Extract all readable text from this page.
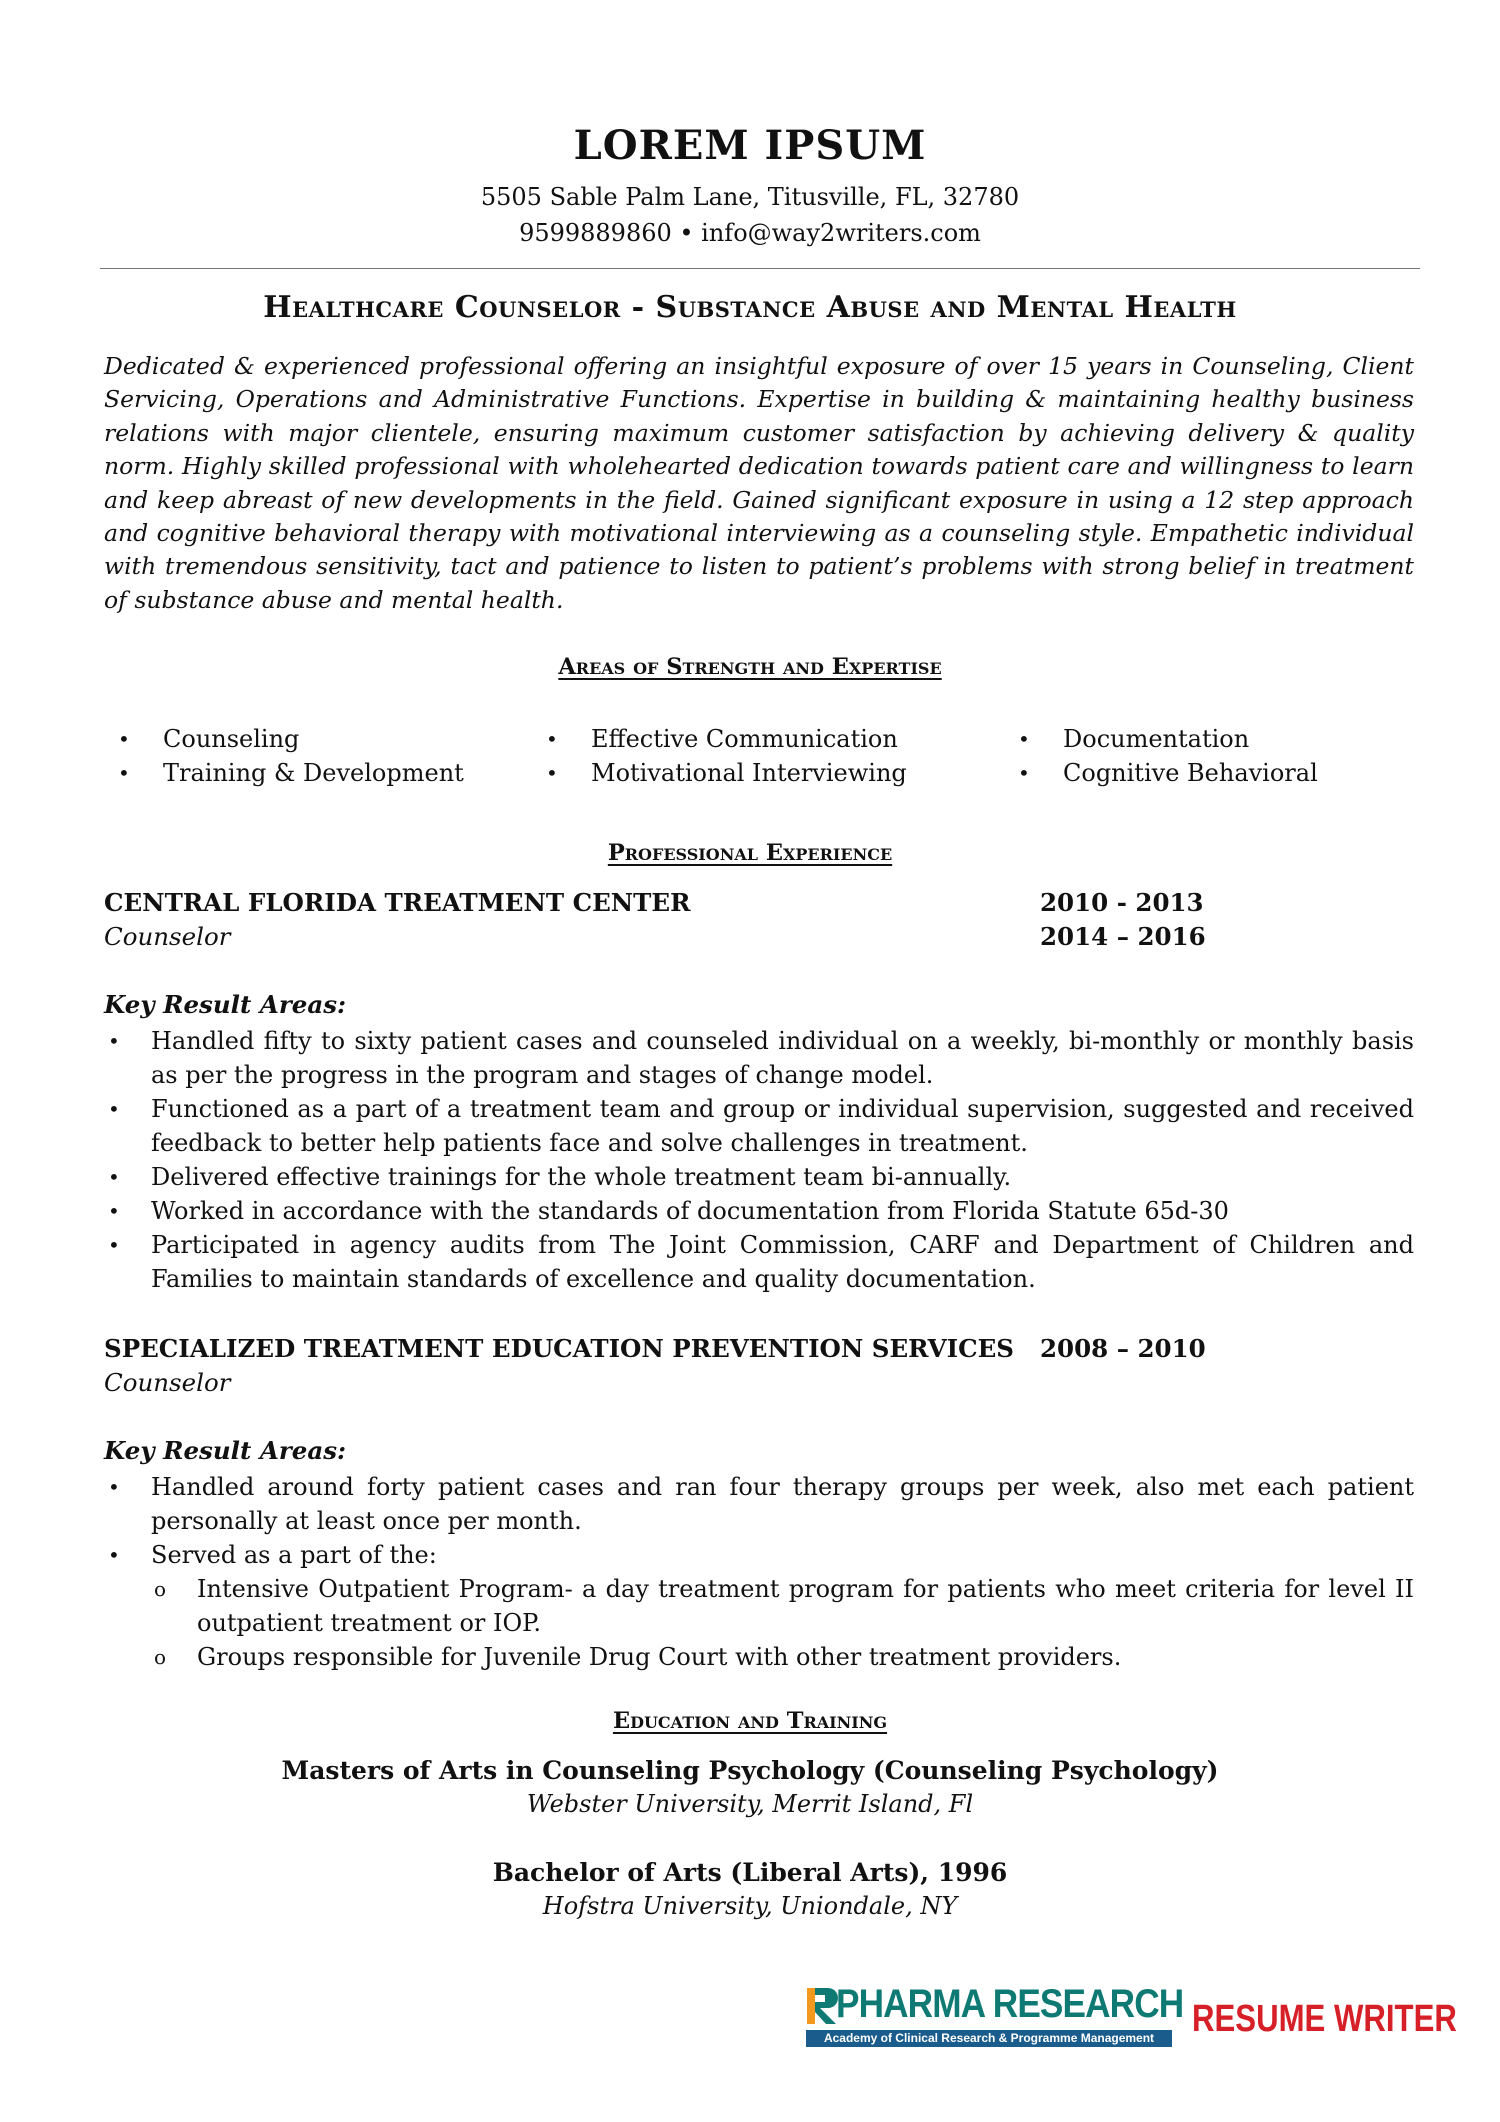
LOREM IPSUM
5505 Sable Palm Lane, Titusville, FL, 32780
9599889860 • info@way2writers.com
Healthcare Counselor - Substance Abuse and Mental Health
Dedicated & experienced professional offering an insightful exposure of over 15 years in Counseling, Client Servicing, Operations and Administrative Functions. Expertise in building & maintaining healthy business relations with major clientele, ensuring maximum customer satisfaction by achieving delivery & quality norm. Highly skilled professional with wholehearted dedication towards patient care and willingness to learn and keep abreast of new developments in the field. Gained significant exposure in using a 12 step approach and cognitive behavioral therapy with motivational interviewing as a counseling style. Empathetic individual with tremendous sensitivity, tact and patience to listen to patient’s problems with strong belief in treatment of substance abuse and mental health.
Areas of Strength and Expertise
• Counseling
• Training & Development
• Effective Communication
• Motivational Interviewing
• Documentation
• Cognitive Behavioral
Professional Experience
CENTRAL FLORIDA TREATMENT CENTER	2010 - 2013
Counselor	2014 – 2016
Key Result Areas:
• Handled fifty to sixty patient cases and counseled individual on a weekly, bi-monthly or monthly basis as per the progress in the program and stages of change model.
• Functioned as a part of a treatment team and group or individual supervision, suggested and received feedback to better help patients face and solve challenges in treatment.
• Delivered effective trainings for the whole treatment team bi-annually.
• Worked in accordance with the standards of documentation from Florida Statute 65d-30
• Participated in agency audits from The Joint Commission, CARF and Department of Children and Families to maintain standards of excellence and quality documentation.
SPECIALIZED TREATMENT EDUCATION PREVENTION SERVICES 2008 – 2010
Counselor
Key Result Areas:
• Handled around forty patient cases and ran four therapy groups per week, also met each patient personally at least once per month.
• Served as a part of the:
o Intensive Outpatient Program- a day treatment program for patients who meet criteria for level II outpatient treatment or IOP.
o Groups responsible for Juvenile Drug Court with other treatment providers.
Education and Training
Masters of Arts in Counseling Psychology (Counseling Psychology)
Webster University, Merrit Island, Fl
Bachelor of Arts (Liberal Arts), 1996
Hofstra University, Uniondale, NY
PHARMA RESEARCH
Academy of Clinical Research & Programme Management RESUME WRITER
